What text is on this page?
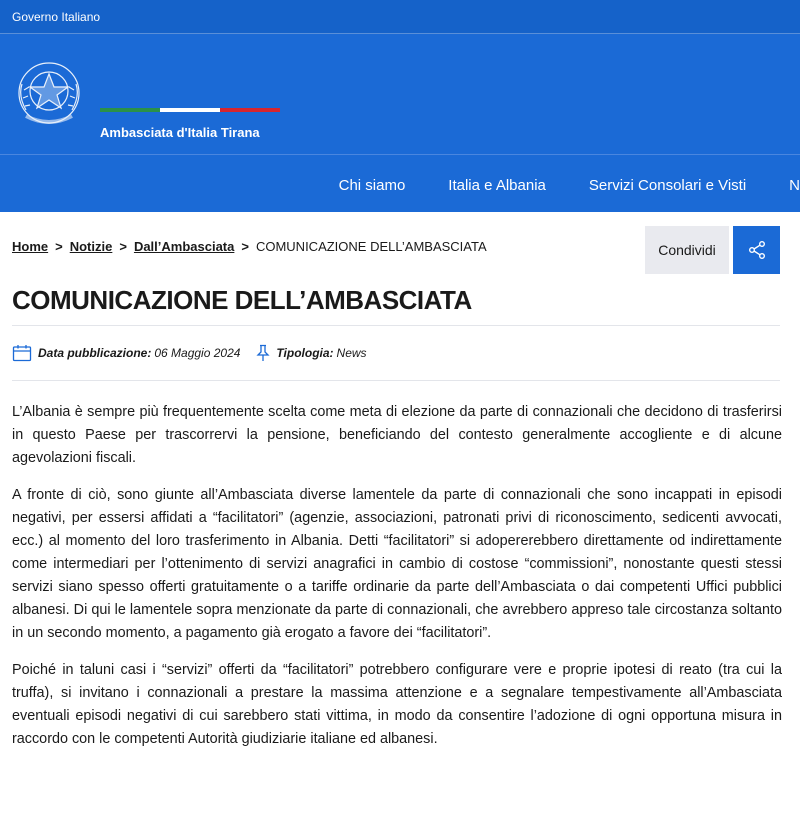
Governo Italiano
Ambasciata d'Italia Tirana
Chi siamo	Italia e Albania	Servizi Consolari e Visti	N
Home > Notizie > Dall’Ambasciata > COMUNICAZIONE DELL’AMBASCIATA	Condividi
COMUNICAZIONE DELL’AMBASCIATA
Data pubblicazione: 06 Maggio 2024	Tipologia: News

L’Albania è sempre più frequentemente scelta come meta di elezione da parte di connazionali che decidono di trasferirsi in questo Paese per trascorrervi la pensione, beneficiando del contesto generalmente accogliente e di alcune agevolazioni fiscali.

A fronte di ciò, sono giunte all’Ambasciata diverse lamentele da parte di connazionali che sono incappati in episodi negativi, per essersi affidati a “facilitatori” (agenzie, associazioni, patronati privi di riconoscimento, sedicenti avvocati, ecc.) al momento del loro trasferimento in Albania. Detti “facilitatori” si adopererebbero direttamente od indirettamente come intermediari per l’ottenimento di servizi anagrafici in cambio di costose “commissioni”, nonostante questi stessi servizi siano spesso offerti gratuitamente o a tariffe ordinarie da parte dell’Ambasciata o dai competenti Uffici pubblici albanesi. Di qui le lamentele sopra menzionate da parte di connazionali, che avrebbero appreso tale circostanza soltanto in un secondo momento, a pagamento già erogato a favore dei “facilitatori”.

Poiché in taluni casi i “servizi” offerti da “facilitatori” potrebbero configurare vere e proprie ipotesi di reato (tra cui la truffa), si invitano i connazionali a prestare la massima attenzione e a segnalare tempestivamente all’Ambasciata eventuali episodi negativi di cui sarebbero stati vittima, in modo da consentire l’adozione di ogni opportuna misura in raccordo con le competenti Autorità giudiziarie italiane ed albanesi.
